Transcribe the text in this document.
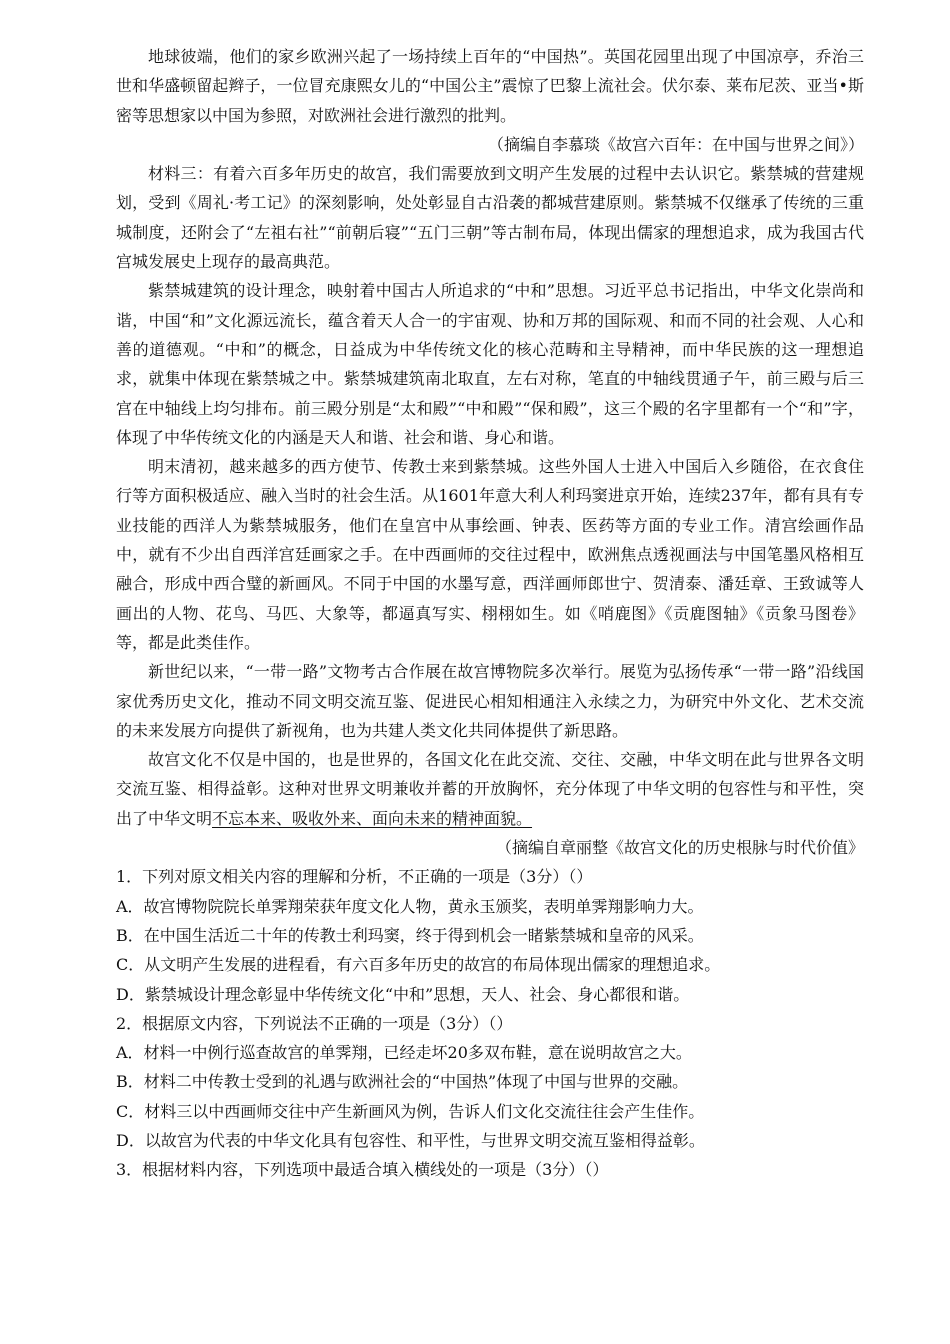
地球彼端，他们的家乡欧洲兴起了一场持续上百年的“中国热”。英国花园里出现了中国凉亭，乔治三世和华盛顿留起辫子，一位冒充康熙女儿的“中国公主”震惊了巴黎上流社会。伏尔泰、莱布尼茨、亚当•斯密等思想家以中国为参照，对欧洲社会进行激烈的批判。

（摘编自李慕琰《故宫六百年：在中国与世界之间》）

材料三：有着六百多年历史的故宫，我们需要放到文明产生发展的过程中去认识它。紫禁城的营建规划，受到《周礼·考工记》的深刻影响，处处彰显自古沿袭的都城营建原则。紫禁城不仅继承了传统的三重城制度，还附会了“左祖右社”“前朝后寝”“五门三朝”等古制布局，体现出儒家的理想追求，成为我国古代宫城发展史上现存的最高典范。

紫禁城建筑的设计理念，映射着中国古人所追求的“中和”思想。习近平总书记指出，中华文化崇尚和谐，中国“和”文化源远流长，蕴含着天人合一的宇宙观、协和万邦的国际观、和而不同的社会观、人心和善的道德观。“中和”的概念，日益成为中华传统文化的核心范畴和主导精神，而中华民族的这一理想追求，就集中体现在紫禁城之中。紫禁城建筑南北取直，左右对称，笔直的中轴线贯通子午，前三殿与后三宫在中轴线上均匀排布。前三殿分别是“太和殿”“中和殿”“保和殿”，这三个殿的名字里都有一个“和”字，体现了中华传统文化的内涵是天人和谐、社会和谐、身心和谐。

明末清初，越来越多的西方使节、传教士来到紫禁城。这些外国人士进入中国后入乡随俗，在衣食住行等方面积极适应、融入当时的社会生活。从1601年意大利人利玛窦进京开始，连续237年，都有具有专业技能的西洋人为紫禁城服务，他们在皇宫中从事绘画、钟表、医药等方面的专业工作。清宫绘画作品中，就有不少出自西洋宫廷画家之手。在中西画师的交往过程中，欧洲焦点透视画法与中国笔墨风格相互融合，形成中西合璧的新画风。不同于中国的水墨写意，西洋画师郎世宁、贺清泰、潘廷章、王致诚等人画出的人物、花鸟、马匹、大象等，都逼真写实、栩栩如生。如《哨鹿图》《贡鹿图轴》《贡象马图卷》等，都是此类佳作。

新世纪以来，“一带一路”文物考古合作展在故宫博物院多次举行。展览为弘扬传承“一带一路”沿线国家优秀历史文化，推动不同文明交流互鉴、促进民心相知相通注入永续之力，为研究中外文化、艺术交流的未来发展方向提供了新视角，也为共建人类文化共同体提供了新思路。

故宫文化不仅是中国的，也是世界的，各国文化在此交流、交往、交融，中华文明在此与世界各文明交流互鉴、相得益彰。这种对世界文明兼收并蓄的开放胸怀，充分体现了中华文明的包容性与和平性，突出了中华文明不忘本来、吸收外来、面向未来的精神面貌。

（摘编自章丽整《故宫文化的历史根脉与时代价值》

1．下列对原文相关内容的理解和分析，不正确的一项是（3分）（）

A．故宫博物院院长单霁翔荣获年度文化人物，黄永玉颁奖，表明单霁翔影响力大。

B．在中国生活近二十年的传教士利玛窦，终于得到机会一睹紫禁城和皇帝的风采。

C．从文明产生发展的进程看，有六百多年历史的故宫的布局体现出儒家的理想追求。

D．紫禁城设计理念彰显中华传统文化“中和”思想，天人、社会、身心都很和谐。

2．根据原文内容，下列说法不正确的一项是（3分）（）

A．材料一中例行巡查故宫的单霁翔，已经走坏20多双布鞋，意在说明故宫之大。

B．材料二中传教士受到的礼遇与欧洲社会的“中国热”体现了中国与世界的交融。

C．材料三以中西画师交往中产生新画风为例，告诉人们文化交流往往会产生佳作。

D．以故宫为代表的中华文化具有包容性、和平性，与世界文明交流互鉴相得益彰。

3．根据材料内容，下列选项中最适合填入横线处的一项是（3分）（）
